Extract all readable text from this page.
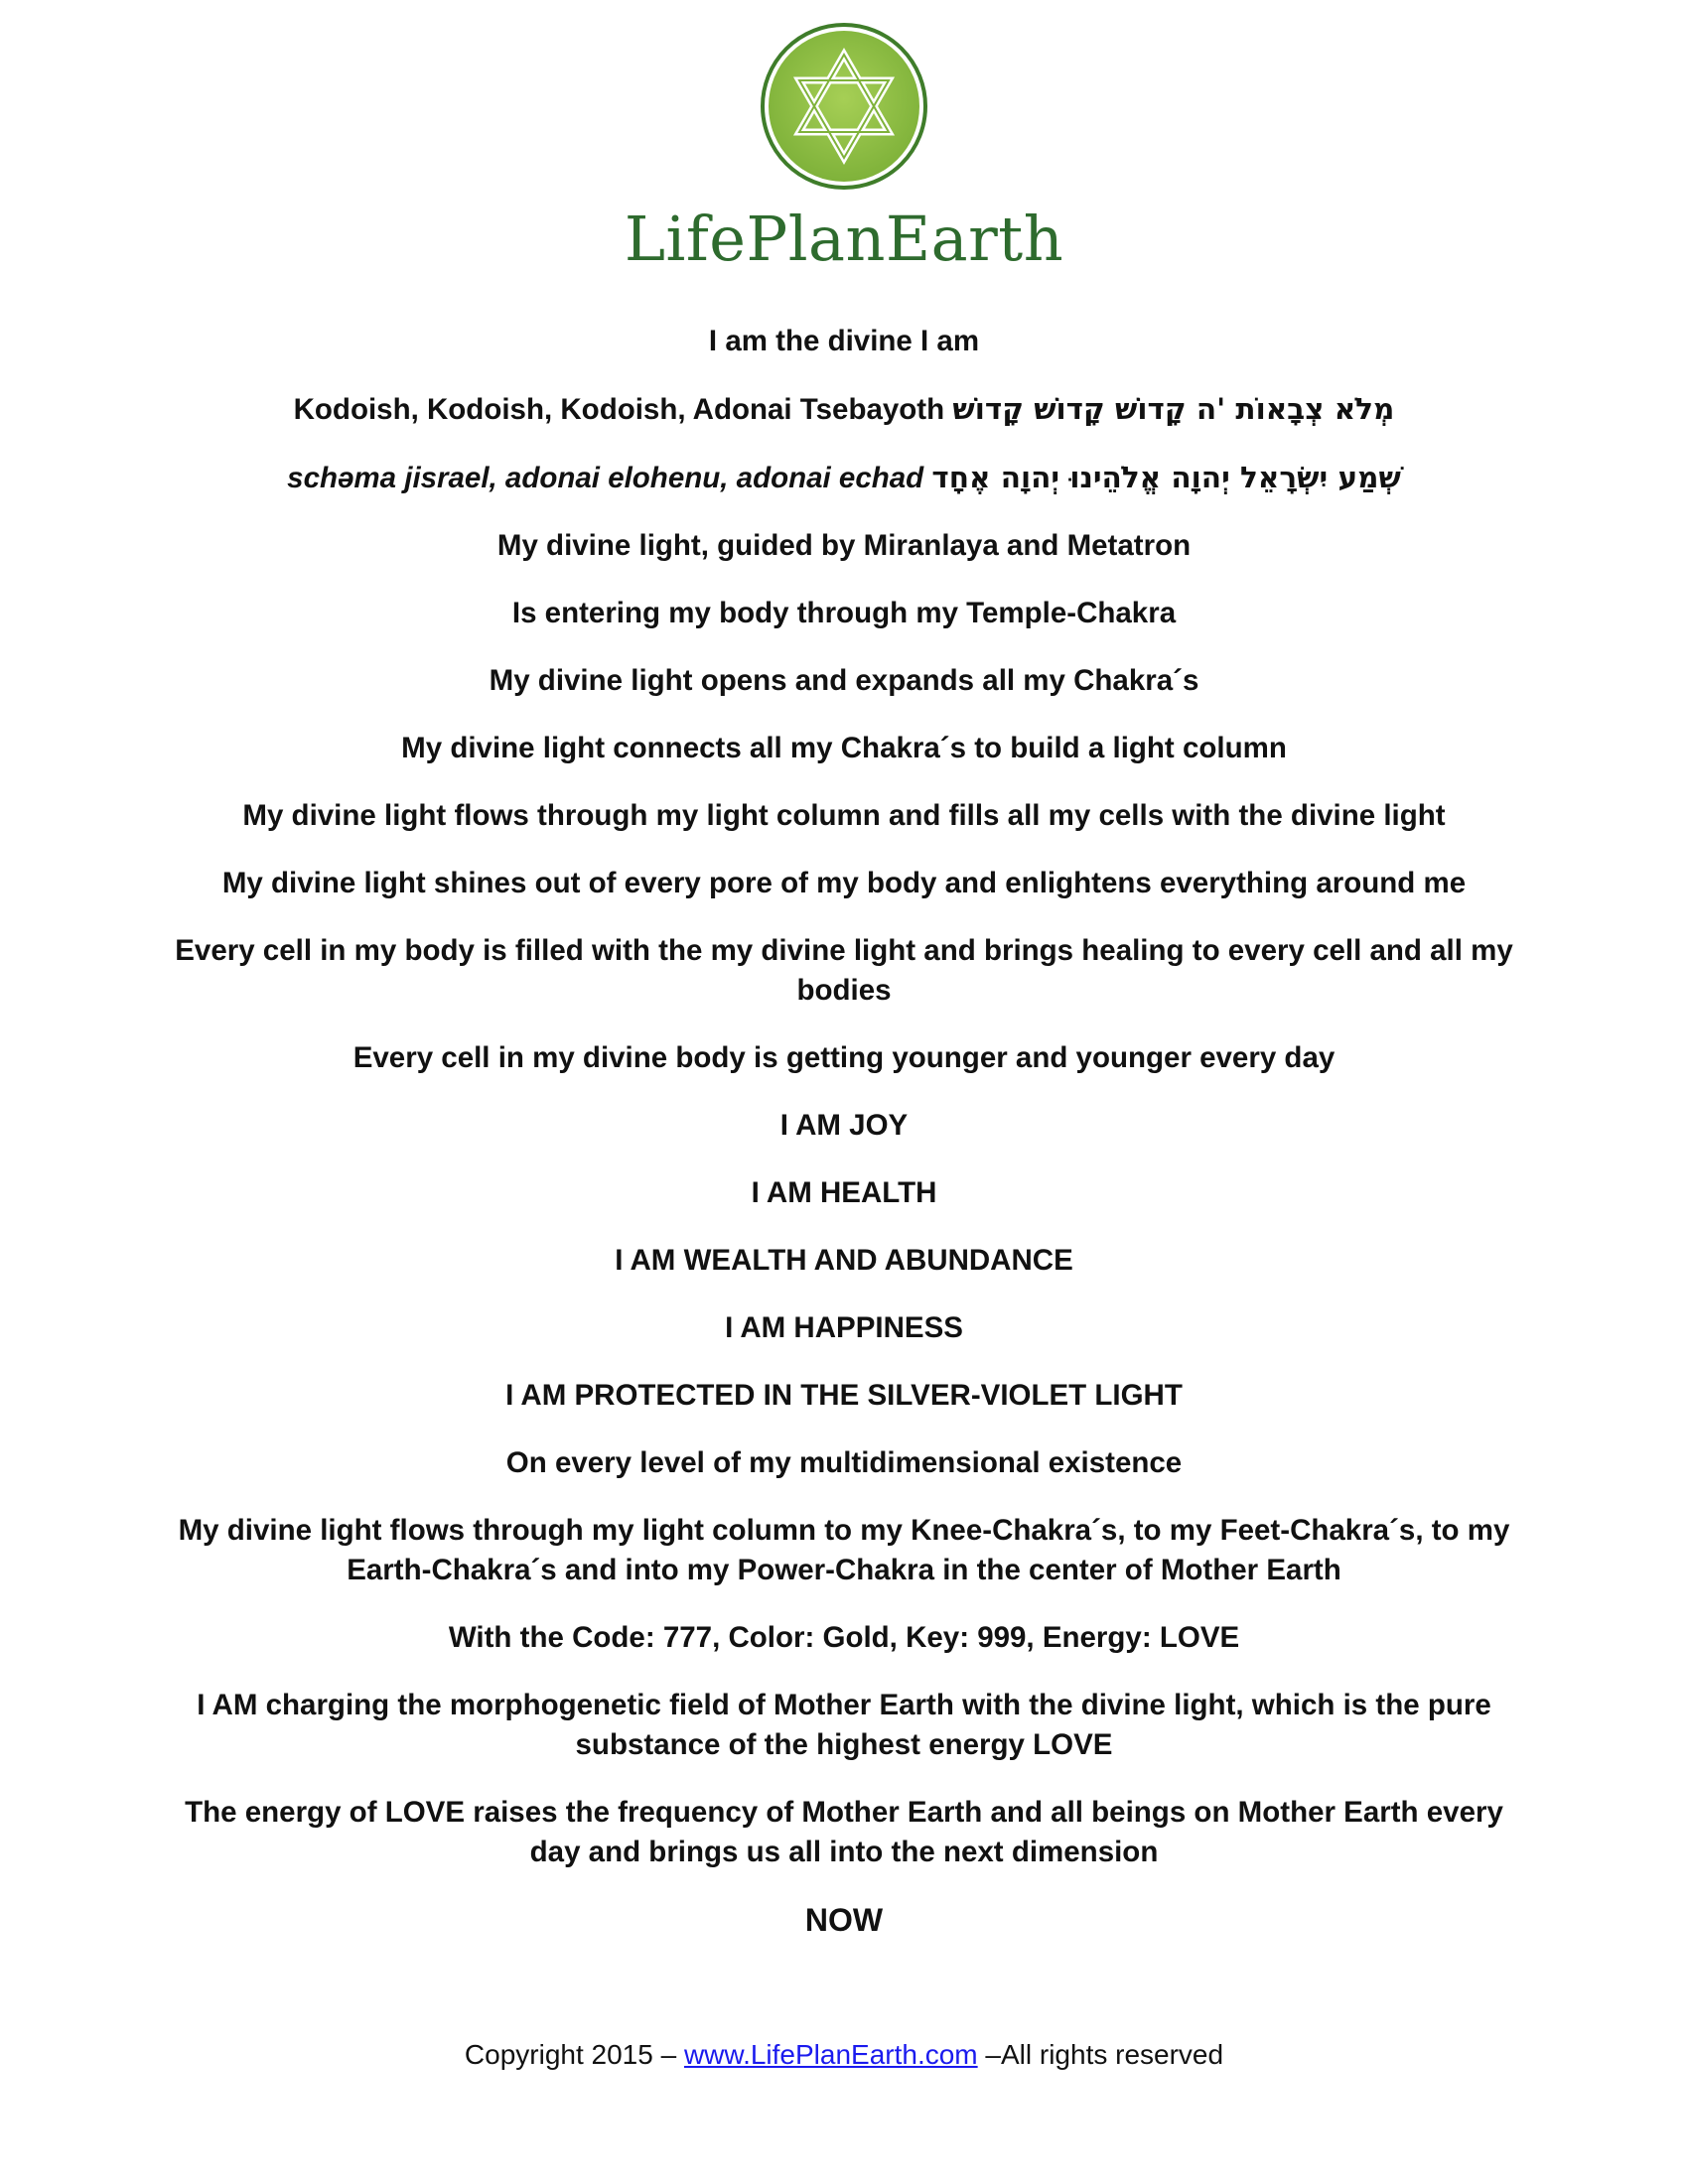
LifePlanEarth

I am the divine I am

Kodoish, Kodoish, Kodoish, Adonai Tsebayoth מְלֹא צְבָאוֹת 'ה קָדוֹשׁ קָדוֹשׁ קָדוֹשׁ

schəma jisrael, adonai elohenu, adonai echad שְׁמַע יִשְׂרָאֵל יְהוָה אֱלֹהֵינוּ יְהוָה אֶחָד

My divine light, guided by Miranlaya and Metatron

Is entering my body through my Temple-Chakra

My divine light opens and expands all my Chakra´s

My divine light connects all my Chakra´s to build a light column

My divine light flows through my light column and fills all my cells with the divine light

My divine light shines out of every pore of my body and enlightens everything around me

Every cell in my body is filled with the my divine light and brings healing to every cell and all my bodies

Every cell in my divine body is getting younger and younger every day

I AM JOY

I AM HEALTH

I AM WEALTH AND ABUNDANCE

I AM HAPPINESS

I AM PROTECTED IN THE SILVER-VIOLET LIGHT

On every level of my multidimensional existence

My divine light flows through my light column to my Knee-Chakra´s, to my Feet-Chakra´s, to my Earth-Chakra´s and into my Power-Chakra in the center of Mother Earth

With the Code: 777, Color: Gold, Key: 999, Energy: LOVE

I AM charging the morphogenetic field of Mother Earth with the divine light, which is the pure substance of the highest energy LOVE

The energy of LOVE raises the frequency of Mother Earth and all beings on Mother Earth every day and brings us all into the next dimension

NOW

Copyright 2015 – www.LifePlanEarth.com –All rights reserved
